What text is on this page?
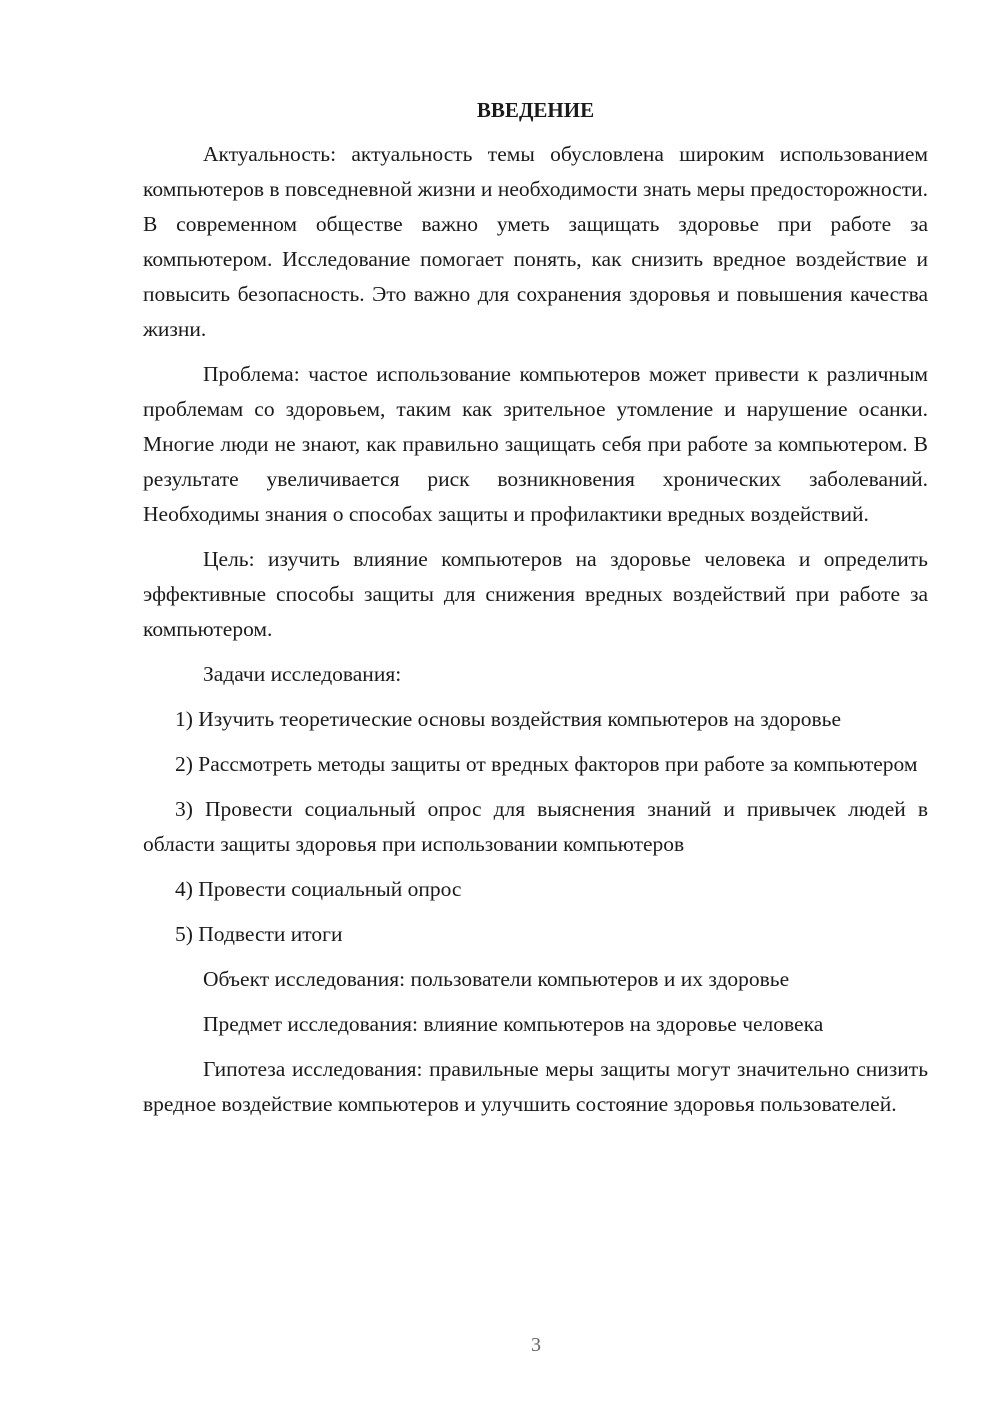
ВВЕДЕНИЕ

Актуальность: актуальность темы обусловлена широким использованием компьютеров в повседневной жизни и необходимости знать меры предосторожности. В современном обществе важно уметь защищать здоровье при работе за компьютером. Исследование помогает понять, как снизить вредное воздействие и повысить безопасность. Это важно для сохранения здоровья и повышения качества жизни.

Проблема: частое использование компьютеров может привести к различным проблемам со здоровьем, таким как зрительное утомление и нарушение осанки. Многие люди не знают, как правильно защищать себя при работе за компьютером. В результате увеличивается риск возникновения хронических заболеваний. Необходимы знания о способах защиты и профилактики вредных воздействий.

Цель: изучить влияние компьютеров на здоровье человека и определить эффективные способы защиты для снижения вредных воздействий при работе за компьютером.

Задачи исследования:

1) Изучить теоретические основы воздействия компьютеров на здоровье

2) Рассмотреть методы защиты от вредных факторов при работе за компьютером

3) Провести социальный опрос для выяснения знаний и привычек людей в области защиты здоровья при использовании компьютеров

4) Провести социальный опрос

5) Подвести итоги

Объект исследования: пользователи компьютеров и их здоровье

Предмет исследования: влияние компьютеров на здоровье человека

Гипотеза исследования: правильные меры защиты могут значительно снизить вредное воздействие компьютеров и улучшить состояние здоровья пользователей.

3
